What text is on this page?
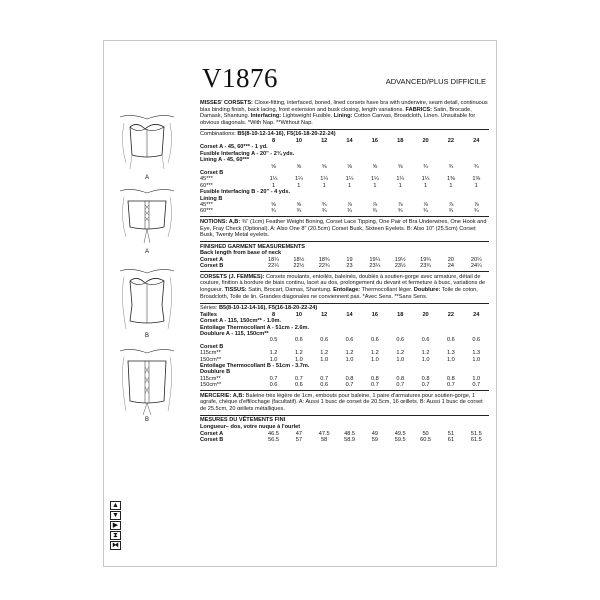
A
A
B
B
▲
▼
▶
⧗
⧓
V1876	ADVANCED/PLUS DIFFICILE
MISSES' CORSETS: Close-fitting, interfaced, boned, lined corsets have bra with underwire, seam detail, continuous bias binding finish, back lacing, front extension and busk closing, length variations. FABRICS: Satin, Brocade, Damask, Shantung. Interfacing: Lightweight Fusible. Lining: Cotton Canvas, Broadcloth, Linen. Unsuitable for obvious diagonals. *With Nap. **Without Nap.
Combinations: B5(8-10-12-14-16), F5(16-18-20-22-24)
	8	10	12	14	16	18	20	22	24
Corset A - 45, 60*** - 1 yd.									
Fusible Interfacing A - 20" - 2¾ yds.									
Lining A - 45, 60***									
	⅝	⅝	⅝	⅝	⅝	⅝	¾	¾	¾
Corset B									
45***	1¼	1¼	1¼	1¼	1¼	1¼	1¼	1⅜	1⅜
60***	1	1	1	1	1	1	1	1	1
Fusible Interfacing B - 20" - 4 yds.									
Lining B									
45***	⅝	⅝	¾	⅞	⅞	⅞	⅞	⅞	⅞
60***	¾	¾	¾	¾	¾	¾	¾	¾	¾
NOTIONS: A,B: ⅜" (1cm) Feather Weight Boning, Corset Lace Tipping, One Pair of Bra Underwires, One Hook and Eye, Fray Check (Optional). A: Also One 8" (20.5cm) Corset Busk, Sixteen Eyelets. B: Also 10" (25.5cm) Corset Busk, Twenty Metal eyelets.
FINISHED GARMENT MEASUREMENTS
Back length from base of neck
Corset A	18¼	18½	18¾	19	19¼	19½	19¾	20	20¼
Corset B	22¼	22½	22¾	23	23¼	23½	23¾	24	24¼
CORSETS (J. FEMMES): Corsets moulants, entoilés, baleinés, doublés à soutien-gorge avec armature, détail de couture, finition à bordure de biais continu, lacet au dos, prolongement du devant et fermeture à busc, variations de longueur. TISSUS: Satin, Brocart, Damas, Shantung. Entoilage: Thermocollant léger. Doublure: Toile de coton, Broadcloth, Toile de lin. Grandes diagonales ne conviennent pas. *Avec Sens. **Sans Sens.
Séries: B5(8-10-12-14-16), F5(16-18-20-22-24)
Tailles	8	10	12	14	16	18	20	22	24
Corset A - 115, 150cm** - 1.0m.									
Entoilage Thermocollant A - 51cm - 2.6m.									
Doublure A - 115, 150cm**									
	0.5	0.6	0.6	0.6	0.6	0.6	0.6	0.6	0.6
Corset B									
115cm**	1.2	1.2	1.2	1.2	1.2	1.2	1.2	1.3	1.3
150cm**	1.0	1.0	1.0	1.0	1.0	1.0	1.0	1.0	1.0
Entoilage Thermocollant B - 51cm - 3.7m.									
Doublure B									
115cm**	0.7	0.7	0.7	0.8	0.8	0.8	0.8	0.8	1.0
150cm**	0.6	0.6	0.6	0.7	0.7	0.7	0.7	0.7	0.7
MERCERIE: A,B: Baleine très légère de 1cm, embouts pour baleine, 1 paire d'armatures pour soutien-gorge, 1 agrafe, chèque d'effilochage (facultatif). A: Aussi 1 busc de corset de 20.5cm, 16 œillets. B: Aussi 1 busc de corset de 25.5cm, 20 œillets métalliques.
MESURES DU VÊTEMENTS FINI
Longueur– dos, votre nuque à l'ourlet
Corset A	46.5	47	47.5	48.5	49	49.5	50	51	51.5
Corset B	56.5	57	58	58.9	59	59.5	60.5	61	61.5
